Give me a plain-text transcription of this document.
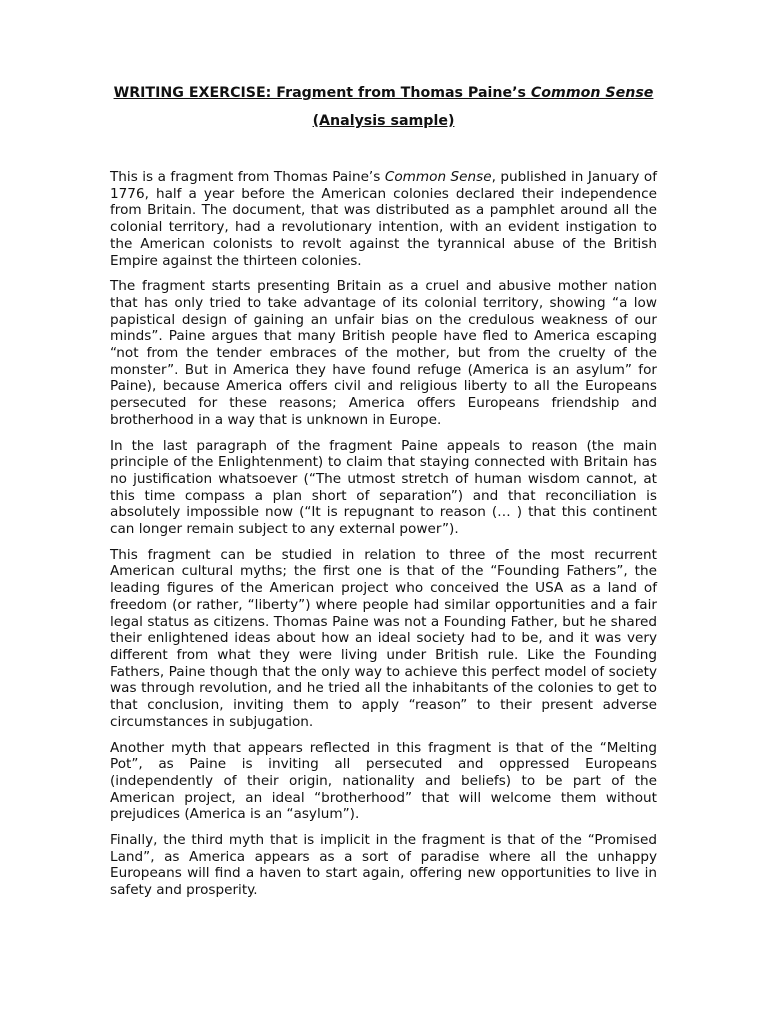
WRITING EXERCISE: Fragment from Thomas Paine’s Common Sense
(Analysis sample)

This is a fragment from Thomas Paine’s Common Sense, published in January of 1776, half a year before the American colonies declared their independence from Britain. The document, that was distributed as a pamphlet around all the colonial territory, had a revolutionary intention, with an evident instigation to the American colonists to revolt against the tyrannical abuse of the British Empire against the thirteen colonies.

The fragment starts presenting Britain as a cruel and abusive mother nation that has only tried to take advantage of its colonial territory, showing “a low papistical design of gaining an unfair bias on the credulous weakness of our minds”. Paine argues that many British people have fled to America escaping “not from the tender embraces of the mother, but from the cruelty of the monster”. But in America they have found refuge (America is an asylum” for Paine), because America offers civil and religious liberty to all the Europeans persecuted for these reasons; America offers Europeans friendship and brotherhood in a way that is unknown in Europe.

In the last paragraph of the fragment Paine appeals to reason (the main principle of the Enlightenment) to claim that staying connected with Britain has no justification whatsoever (“The utmost stretch of human wisdom cannot, at this time compass a plan short of separation”) and that reconciliation is absolutely impossible now (“It is repugnant to reason (… ) that this continent can longer remain subject to any external power”).

This fragment can be studied in relation to three of the most recurrent American cultural myths; the first one is that of the “Founding Fathers”, the leading figures of the American project who conceived the USA as a land of freedom (or rather, “liberty”) where people had similar opportunities and a fair legal status as citizens. Thomas Paine was not a Founding Father, but he shared their enlightened ideas about how an ideal society had to be, and it was very different from what they were living under British rule. Like the Founding Fathers, Paine though that the only way to achieve this perfect model of society was through revolution, and he tried all the inhabitants of the colonies to get to that conclusion, inviting them to apply “reason” to their present adverse circumstances in subjugation.

Another myth that appears reflected in this fragment is that of the “Melting Pot”, as Paine is inviting all persecuted and oppressed Europeans (independently of their origin, nationality and beliefs) to be part of the American project, an ideal “brotherhood” that will welcome them without prejudices (America is an “asylum”).

Finally, the third myth that is implicit in the fragment is that of the “Promised Land”, as America appears as a sort of paradise where all the unhappy Europeans will find a haven to start again, offering new opportunities to live in safety and prosperity.
